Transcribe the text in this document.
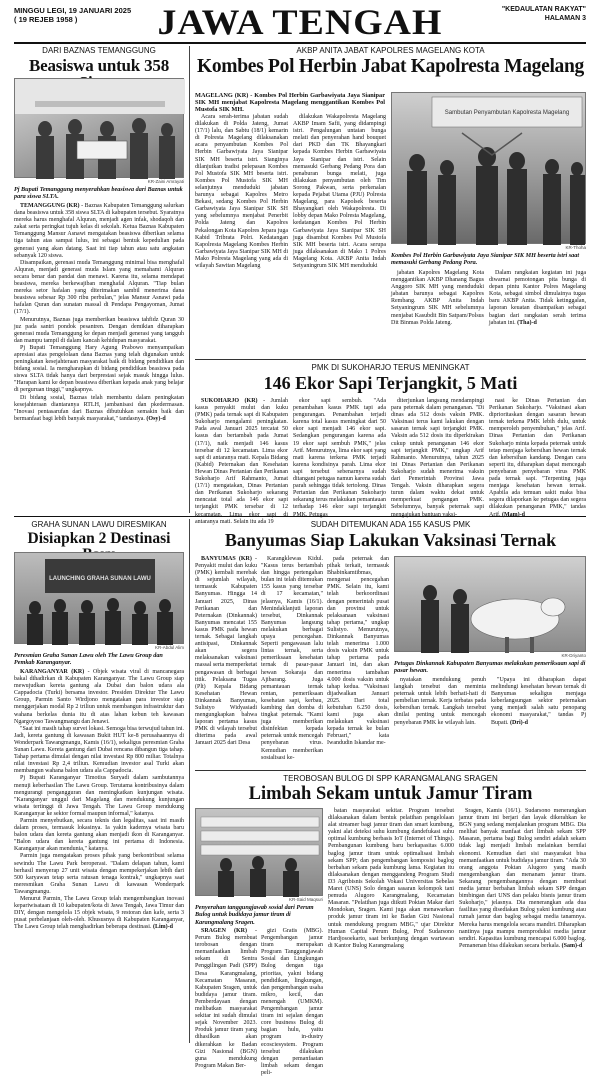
MINGGU LEGI, 19 JANUARI 2025
( 19 REJEB 1958 )	JAWA TENGAH	"KEDAULATAN RAKYAT"
HALAMAN 3
DARI BAZNAS TEMANGGUNG
Beasiswa untuk 358
KR-Zaini Amrayati
Pj Bupati Temanggung menyerahkan beasiswa dari Baznas untuk para siswa SLTA.

TEMANGGUNG (KR) - Baznas Kabupaten Temanggung salurkan dana beasiswa untuk 358 siswa SLTA di kabupaten tersebut. Syaratnya mereka harus menghafal Alquran, menjadi agen infak, shodaqoh dan zakat serta peringkat tujuh kelas di sekolah. Ketua Baznas Kabupaten Temanggung Mansur Asnawi mengatakan beasiswa diberikan selama tiga tahun atas sampai lulus, ini sebagai bentuk kepedulian pada generasi yang akan datang. Saat ini tiap tahun atau satu angkatan sebanyak 120 siswa.

Disampaikan, gerenasi muda Temanggung minimal bisa menghafal Alquran, menjadi generasi muda Islam yang memahami Alquran secara benar dan pandai dan menawi. Karena itu, selama mendapat beasiswa, mereka berkewajiban menghafal Alquran. "Tiap bulan mereka setor hafalan yang diterimakan sambil menerima dana beasiswa sebesar Rp 300 ribu perbulan," jelas Mansur Asnawi pada hafalan Quran dan sunatan massal di Pendapa Pengayoman, Jumat (17/1).

Menurutnya, Baznas juga memberikan beasiswa tahfidz Quran 30 juz pada santri pondok pesantren. Dengan demikian diharapkan generasi muda Temanggung ke depan menjadi generasi yang tangguh dan mampu tampil di dalam kancah kehidupan masyarakat.

Pj Bupati Temanggung Hary Agung Prabowo menyampaikan apresiasi atas pengelolaan dana Baznas yang telah digunakan untuk peningkatan kesejahteraan masyarakat baik di bidang pendidikan dan bidang sosial. Ia mengharapkan di bidang pendidikan beasiswa pada siswa SLTA tidak hanya dari berprestasi sejak masuk hingga lulus. "Harapan kami ke depan beasiswa diberikan kepada anak yang belajar di perguruan tinggi," ungkapnya.

Di bidang sosial, Baznas telah membantu dalam peningkatan kesejahteraan diantaranya RTLH, jambanisasi dan pkedermasan. "Inovasi pentasarufan dari Baznas dibutuhkan semakin baik dan bermanfaat bagi lebih banyak masyarakat," tandasnya. (Osy)-d

AKBP ANITA JABAT KAPOLRES MAGELANG KOTA
Kombes Pol Herbin Jabat Kapolresta Magelang
MAGELANG (KR) - Kombes Pol Herbin Garbawiyata Jaya Sianipar SIK MH menjabat Kapolresta Magelang menggantikan Kombes Pol Mustofa SIK MH.

Acara serah-terima jabatan sudah dilakukan di Polda Jateng, Jumat (17/1) lalu, dan Sabtu (18/1) kemarin di Polresta Magelang dilaksanakan acara penyambutan Kombes Pol Herbin Garbawiyata Jaya Sianipar SIK MH beserta istri. Sianginya dilanjutkan tradisi pelepasan Kombes Pol Mustofa SIK MH beserta istri. Kombes Pol Mustofa SIK MH selanjutnya menduduki jabatan barunya sebagai Kapolres Metro Bekasi, sedang Kombes Pol Herbin Garbawiyata Jaya Sianipar SIK SH yang sebelumnya menjabat Penerbit Polda Jateng dan Kapolres Pekalongan Kota Kapolres Jepara juga Kabid Tribrata Polri. Kedatangan Kapolresta Magelang Kombes Herbin Garbawiyata Jaya Sianipar SIK MH di Mako Polresta Magelang yang ada di wilayah Sawitan Magelang

dilakukan Wakapolresta Magelang AKBP Imam Safii, yang didampingi istri. Pengalungan untaian bunga melati dan penyerahan hand bouquet dari PKD dan TK Bhayangkari kepada Kombes Herbin Garbawiyata Jaya Sianipar dan istri. Selain memasuki Gerbang Pedang Pora dan penaburan bunga melati, juga dilakukan penyambutan oleh Tim Sorong Pakwan, serta perkenalan kepada Pejabat Utama (PJU) Polresta Magelang, para Kapolsek beserta Bhayangkari oleh Wakapolresta. Di lobby depan Mako Polresta Magelang, kedatangan Kombes Pol Herbin Garbawiyata Jaya Sianipar SIK SH juga disambut Kombes Pol Mustofa SIK MH beserta istri. Acara serupa juga dilaksanakan di Mako 1 Polres Magelang Kota. AKBP Anita Indah Setyaningrum SIK MH menduduki

Sambutan Penyambutan Kapolresta Magelang
KR-Thoha
Kombes Pol Herbin Garbawiyata Jaya Sianipar SIK MH beserta istri saat memasuki Gerbang Pedang Pora.

jabatan Kapolres Magelang Kota menggantikan AKBP Dhanang Bagus Anggoro SIK MH yang menduduki jabatan barunya sebagai Kapolres Rembang. AKBP Anita Indah Setyaningrum SIK MH sebelumnya menjabat Kasubdit Bin Satpam/Polsus Dit Binmas Polda Jateng.

Dalam rangkaian kegiatan ini juga diwarnai pemotongan pita bunga di depan pintu Kantor Polres Magelang Kota, sebagai simbol dimulainya tugas baru AKBP Anita. Tidak ketinggalan, laporan keuatan disampaikan sebagai bagian dari rangkaian serah terima jabatan ini. (Tha)-d

PMK DI SUKOHARJO TERUS MENINGKAT
146 Ekor Sapi Terjangkit, 5 Mati

SUKOHARJO (KR) - Jumlah kasus penyakit mulut dan kuku (PMK) pada ternak sapi di Kabupaten Sukoharjo mengalami peningkatan. Pada awal Januari 2025 tercatat 50 kasus dan bertambah pada Jumat (17/1), naik menjadi 146 kasus tersebar di 12 kecamatan. Lima ekor sapi di antaranya mati. Kepala Bidang (Kabid) Peternakan dan Kesehatan Hewan Dinas Pertanian dan Perikanan Sukoharjo Arif Rahmanto, Jumat (17/1) mengatakan, Dinas Pertanian dan Perikanan Sukoharjo sekarang mencatat total ada 146 ekor sapi terjangkit PMK tersebar di 12 kecamatan. Lima ekor sapi di antaranya mati. Selain itu ada 19

ekor sapi sembuh. "Ada penambahan kasus PMK tapi ada pengurangan. Penambahan terjadi karena total kasus meningkat dari 50 ekor sapi menjadi 146 ekor sapi. Sedangkan pengurangan karena ada 19 ekor sapi sembuh PMK," jelas Arif. Menurutnya, lima ekor sapi yang mati karena terkena PMK terjadi karena kondisinya parah. Lima ekor sapi tersebut sebenarnya sudah ditangani petugas namun karena sudah parah sehingga tidak tertolong. Dinas Pertanian dan Perikanan Sukoharjo sekarang terus melakukan pemantauan terhadap 146 ekor sapi terjangkit PMK. Petugas

diterjunkan langsung mendampingi para peternak dalam penanganan. "Di dinas ada 512 dosis vaksin PMK. Vaksinasi terus kami lakukan dengan sasaran ternak sapi terjangkit PMK. Vaksin ada 512 dosis itu diperkirakan cukup untuk penanganan 146 ekor sapi terjangkit PMK," ungkap Arif Rahmanto. Menurutnya, tahun 2025 ini Dinas Pertanian dan Perikanan Sukoharjo sudah menerima vaksin dari Pemerintah Provinsi Jawa Tengah. Vaksin diharapkan segera turun dalam waktu dekat untuk memperkuat pengangan PMK. Sebelumnya, banyak peternak sapi mengajukan bantuan vaksi-

nasi ke Dinas Pertanian dan Perikanan Sukoharjo. "Vaksinasi akan diprioritaskan dengan sasaran hewan ternak terkena PMK lebih dulu, untuk memperoleh penyembuhan," jelas Arif. Dinas Pertanian dan Perikanan Sukoharjo minta kepada peternak untuk tetap menjaga kebersihan hewan ternak dan kebersihan kandang. Dengan cara seperti itu, diharapkan dapat mencegah penyebaran penyebaran virus PMK pada ternak sapi. "Terpenting juga menjaga kesehatan hewan ternak. Apabila ada temuan sakit maka bisa segera dilaporkan ke petugas dan segera dilakukan penanganan PMK," tandas Arif. (Mam)-d

GRAHA SUNAN LAWU DIRESMIKAN
Disiapkan 2 Destinasi
LAUNCHING GRAHA SUNAN LAWU
KR-Abdul Alim
Peresmian Graha Sunan Lawu oleh The Lawu Group dan Pemkab Karanganyar.

KARANGANYAR (KR) - Objek wisata viral di mancanegara bakal dihadirkan di Kabupaten Karanganyar. The Lawu Group siap mewujudkan kereta gantung ala Dubai dan balon udara ala Cappadocia (Turki) bersama investor. Presiden Direktur The Lawu Group, Parmin Santo Wirdjono mengatakan para investor siap menggerjakan modal Rp 2 triliun untuk membangun infrastruktur dan wahana berkelas dunia itu di atas lahan kebun teh kawasan Ngargoyoso Tawangmangu dan Jenawi.

"Saat ini masih tahap survei lokasi. Semoga bisa terwujud tahun ini. Jadi, kereta gantung di kawasan Bukit HUT ke-8 perusahaannya di Wonderpark Tawangmangu, Kamis (16/1), sekaligus peresmian Graha Sunan Lawu. Kereta gantung dari Dubai rencana dibangun tiga tahap. Tahap pertama dimulai dengan nilai investasi Rp 800 miliar. Totalnya nilai investasi Rp 2,4 triliun. Kemudian investor asal Turki akan membangun wahana balon udara ala Cappadocia.

Pj Bupati Karanganyar Timotius Suryadi dalam sambutannya menuji keberhasilan The Lawu Group. Terutama kontribusinya dalam mengurangi pengangguran dan meningkatkan kunjungan wisata. "Karanganyar unggul dari Magelang dan mendukung kunjungan wisata tertinggi di Jawa Tengah. The Lawu Group mendukung Karanganyar ke sektor formal maupun informal," katanya.

Parmin menyebutkan, secara teknis dan legalitas, saat ini masih dalam proses, termasuk lokasinya. Ia yakin kademya wisata baru balon udara dan kereta gantung akan menjadi ikon di Karanganyar. "Balon udara dan kereta gantung ini pertama di Indonesia. Karanganyar akan mendunia," katanya.

Parmin juga mengatakan proses pihak yang berkontribusi selama sewindu The Lawu Park beroperasi. "Dalam delapan tahun, kami berhasil menyerap 27 unit wisata dengan mempekerjakan lebih dari 500 karyawan tetap serta ratusan tenaga kontrak," ungkapnya saat meresmikan Graha Sunan Lawu di kawasan Wonderpark Tawangmangu.

Menurut Parmin, The Lawu Group telah mengembangkan inovasi kepariwisataan di 10 kabupaten/kota di Jawa Tengah, Jawa Timur dan DIY, dengan mengelola 15 objek wisata, 9 restoran dan kafe, serta 3 pusat perbelanjaan oleh-oleh. Khususnya di Kabupaten Karanganyar, The Lawu Group telah menghadirkan beberapa destinasi. (Lim)-d

SUDAH DITEMUKAN ADA 155 KASUS PMK
Banyumas Siap Lakukan Vaksinasi Ternak

BANYUMAS (KR) - Penyakit mulut dan kuku (PMK) kembali merebak di sejumlah wilayah, termasuk Kabupaten Banyumas. Hingga 14 Januari 2025, Dinas Perikanan dan Peternakan (Dinkannak) Banyumas mencatat 155 kasus PMK pada hewan ternak. Sebagai langkah antisipasi, Dinkannak akan segera melaksanakan vaksinasi massal serta memperketat pengawasan di berbagai titik. Pelaksana Tugas (Plt) Kepala Bidang Kesehatan Hewan Dinkannak Banyumas, Sulistyo Widyasiadi mengungkapkan bahwa laporan pertama kasus PMK di wilayah tersebut diterima pada awal Januari 2025 dari Desa

Karangklewas Kidul. "Kasus terus bertambah dan hingga pertengahan bulan ini telah ditemukan 155 kasus yang tersebar di 17 kecamatan," jelasnya, Kamis (16/1). Menindaklanjuti laporan tersebut, Dinkannak Banyumas langsung melakukan berbagai upaya pencegahan. Seperti pengawasan lalu lintas ternak, serta pemeriksaan kesehatan ternak di pasar-pasar hewan Sokaraja dan Ajibarang. Juga pemantauan ternak rentan, pemeriksaan kesehatan sapi, kerbau, kambing dan domba di tingkat peternak. "Kami juga memberikan disinfektan kepada peternak untuk mencegah penyebaran virus. Kemudian memberikan sosialisasi ke-

pada peternak dan pihak terkait, termasuk Bhabinkamtibmas, mengenai pencegahan PMK. Selain itu, kami telah berkoordinasi dengan pemerintah pusat dan provinsi untuk pelaksanaan vaksinasi tahap pertama," ungkap Sulistyo. Menurutnya, Dinkannak Banyumas telah menerima 1.000 dosis vaksin PMK untuk tahap pertama pada Januari ini, dan akan menerima tambahan 4.000 dosis vaksin untuk tahap kedua. "Vaksinasi dijadwalkan Januari 2025. Dari total kebutuhan 6.250 dosis, kami juga akan melakukan vaksinasi kepada ternak ke bulan Februari," kata Iwandudin Iskandar me-

KR-Driyanto
Petugas Dinkannak Kabupaten Banyumas melakukan pemeriksaan sapi di pasar hewan.

nyatakan mendukung penuh langkah tersebut dan meminta peternak untuk lebih berhati-hati di pembelian ternak. Kerja terbatas pada kebersihan ternak. Langkah tersebut dinilai penting untuk mencegah penyebaran PMK ke wilayah lain.

"Upaya ini diharapkan dapat melindungi kesehatan hewan ternak di Banyumas sekaligus menjaga keberlangsungan sektor peternakan yang menjadi salah satu penopang ekonomi masyarakat," tandas Pj Bupati. (Dri)-d

TEROBOSAN BULOG DI SPP KARANGMALANG SRAGEN
Limbah Sekam untuk Jamur Tiram
KR-Said Maqsuri
Penyerahan tanggungjawab sosial dari Perum Bulog untuk budidaya jamur tiram di Karangmalang Sragen.

SRAGEN (KR) - Perum Bulog membuat terobosan dengan memanfaatkan limbah sekam di Sentra Penggilingan Padi (SPP) Desa Karangmalang, Kecamatan Masaran, Kabupaten Sragen, untuk budidaya jamur tiram. Pemberdayaan dengan melibatkan masyarakat sekitar ini sudah dimulai sejak November 2023. Produk jamur tiram yang dihasilkan akan dikerahkan ke Badan Gizi Nasional (BGN) guna mendukung Program Makan Ber-

gizi Gratis (MBG). Pengembangan jamur tiram merupakan Program Tanggungjawab Sosial dan Lingkungan Bulog dengan tiga prioritas, yakni bidang pendidikan, lingkungan, dan pengembangan usaha mikro, kecil, dan menengah (UMKM). Pengembangan jamur tiram ini sejalan dengan core business Bulog di bagian hulu, yaitu program in-dustry ecosciesystem. Program tersebut dilakukan dengan pemanfaatan limbah sekam dengan peli-

batan masyarakat sekitar. Program tersebut dilaksanakan dalam bentuk pelatihan pengelolaan alat streamer bagi jamur tiram dan smart kumbung, yakni alat deteksi suhu kumbung dandefukasi suhu optimal kumbung berbasis IoT (Internet of Things). Pembangunan kumbung baru berkapasitas 6.000 baglog jamur tiram untuk optimalisasi limbah sekam SPP; dan pengembangan komposisi baglog berbahan sekam pada kumbung lama. Kegiatan itu dilaksanakan dengan menggandeng Program Studi D3 Agribisnis Sekolah Vokasi Universitas Sebelas Maret (UNS) Solo dengan sasaran kelompok tani pemuda Alugoro Karangmalang, Kecamatan Masaran. "Pelatihan juga diikuti Poktan Makar dari Mondokan, Sragen. Kami juga akan menawarkan produk jamur tiram ini ke Badan Gizi Nasional untuk mendukung program MBG," ujar Direktur Human Capital Perum Bulog, Prof Sudarsono Hardjosoekarto, saat berkunjung dengan wartawan di Kantor Bulog Karangmalang

Sragen, Kamis (16/1). Sudarsono menerangkan jamur tiram ini berjari dan layak dikerahkan ke BGN yang sedang menjalankan program MBG. Dia melihat banyak manfaat dari limbah sekam SPP Masaran, pertama bagi Bulog sendiri adalah sekam tidak lagi menjadi limbah melainkan bernilai ekonomi. Kemudian dari sisi masyarakat bisa memanfaatkan untuk budidaya jamur tiram. "Ada 30 orang anggota Poktan Alugoro yang masih mengembangkan dan menanam jamur tiram. Sekarang pengembangannya dengan membuat media jamur berbahan limbah sekam SPP dengan bimbingan dari UNS dan pelaku bisnis jamur tiram Sukoharjo," jelasnya. Dia menerangkan ada dua fasilitas yang disediakan Bulog yakni kumbung atau rumah jamur dan baglog sebagai media tanamnya. Mereka harus mengelola secara mandiri. Diharapkan nantinya juga mampu memproduksi media jamur sendiri. Kapasitas kumbung mencapai 6.000 baglog. Pemanenan bisa dilakukan secara berkala. (Sam)-d
